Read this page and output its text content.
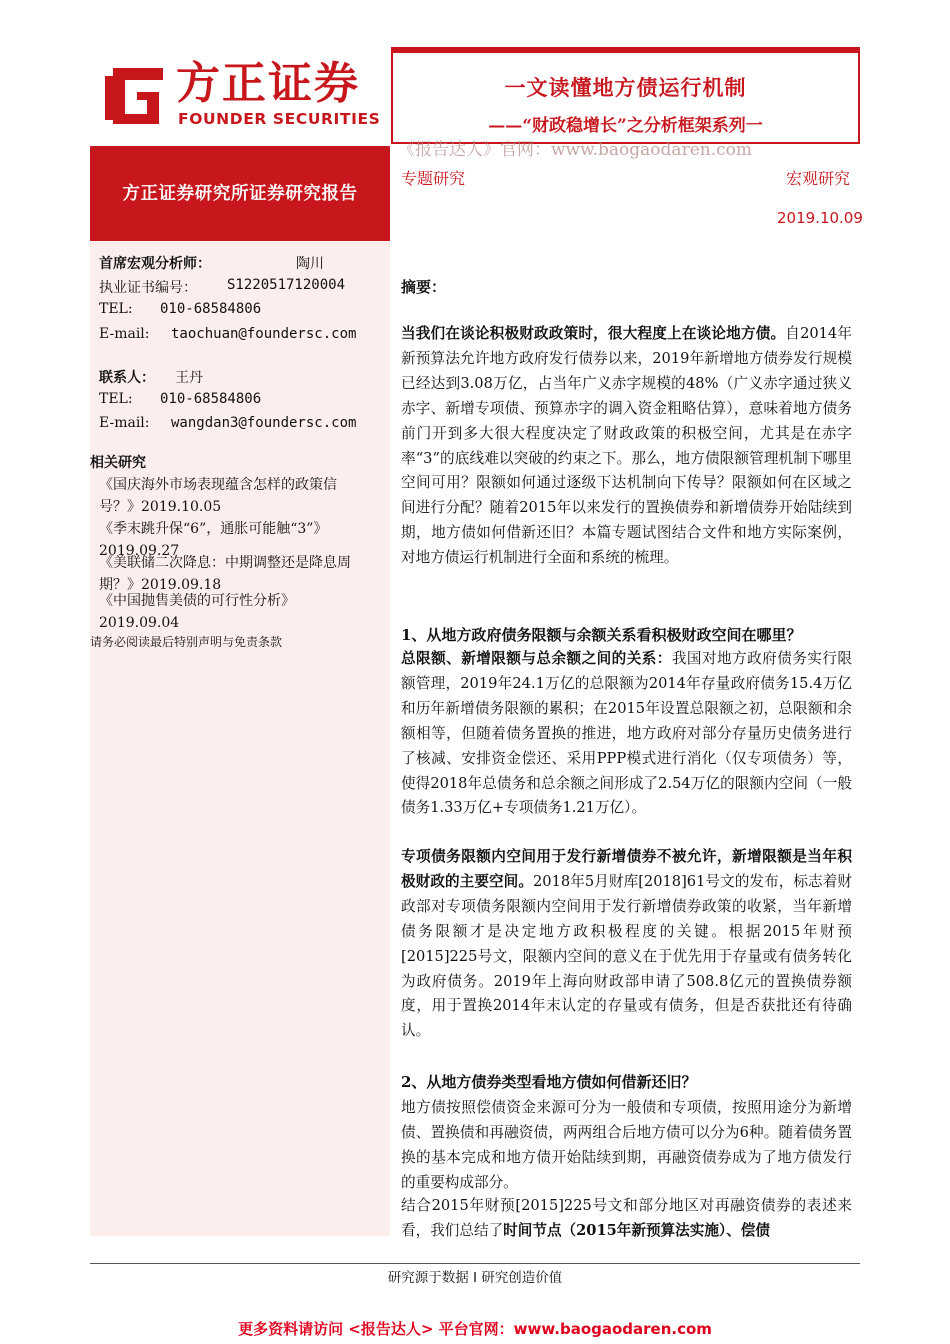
方正证券
FOUNDER SECURITIES
一文读懂地方债运行机制
——“财政稳增长”之分析框架系列一
《报告达人》官网：www.baogaodaren.com
方正证券研究所证券研究报告
专题研究	宏观研究
2019.10.09
首席宏观分析师：	陶川
执业证书编号： S1220517120004
TEL: 010-68584806
E-mail: taochuan@foundersc.com
联系人： 王丹
TEL: 010-68584806
E-mail: wangdan3@foundersc.com
相关研究
《国庆海外市场表现蕴含怎样的政策信号？》2019.10.05
《季末跳升保“6”，通胀可能触“3”》2019.09.27
《美联储二次降息：中期调整还是降息周期？》2019.09.18
《中国抛售美债的可行性分析》2019.09.04
请务必阅读最后特别声明与免责条款
摘要：
当我们在谈论积极财政政策时，很大程度上在谈论地方债。自2014年新预算法允许地方政府发行债券以来，2019年新增地方债券发行规模已经达到3.08万亿，占当年广义赤字规模的48%（广义赤字通过狭义赤字、新增专项债、预算赤字的调入资金粗略估算），意味着地方债务前门开到多大很大程度决定了财政政策的积极空间，尤其是在赤字率“3”的底线难以突破的约束之下。那么，地方债限额管理机制下哪里空间可用？限额如何通过逐级下达机制向下传导？限额如何在区域之间进行分配？随着2015年以来发行的置换债券和新增债券开始陆续到期，地方债如何借新还旧？本篇专题试图结合文件和地方实际案例，对地方债运行机制进行全面和系统的梳理。
1、从地方政府债务限额与余额关系看积极财政空间在哪里？
总限额、新增限额与总余额之间的关系：我国对地方政府债务实行限额管理，2019年24.1万亿的总限额为2014年存量政府债务15.4万亿和历年新增债务限额的累积；在2015年设置总限额之初，总限额和余额相等，但随着债务置换的推进，地方政府对部分存量历史债务进行了核减、安排资金偿还、采用PPP模式进行消化（仅专项债务）等，使得2018年总债务和总余额之间形成了2.54万亿的限额内空间（一般债务1.33万亿+专项债务1.21万亿）。
专项债务限额内空间用于发行新增债券不被允许，新增限额是当年积极财政的主要空间。2018年5月财库[2018]61号文的发布，标志着财政部对专项债务限额内空间用于发行新增债券政策的收紧，当年新增债务限额才是决定地方政积极程度的关键。根据2015年财预[2015]225号文，限额内空间的意义在于优先用于存量或有债务转化为政府债务。2019年上海向财政部申请了508.8亿元的置换债券额度，用于置换2014年末认定的存量或有债务，但是否获批还有待确认。
2、从地方债券类型看地方债如何借新还旧？
地方债按照偿债资金来源可分为一般债和专项债，按照用途分为新增债、置换债和再融资债，两两组合后地方债可以分为6种。随着债务置换的基本完成和地方债开始陆续到期，再融资债券成为了地方债发行的重要构成部分。
结合2015年财预[2015]225号文和部分地区对再融资债券的表述来看，我们总结了时间节点（2015年新预算法实施）、偿债
研究源于数据 I 研究创造价值
更多资料请访问 <报告达人> 平台官网：www.baogaodaren.com
